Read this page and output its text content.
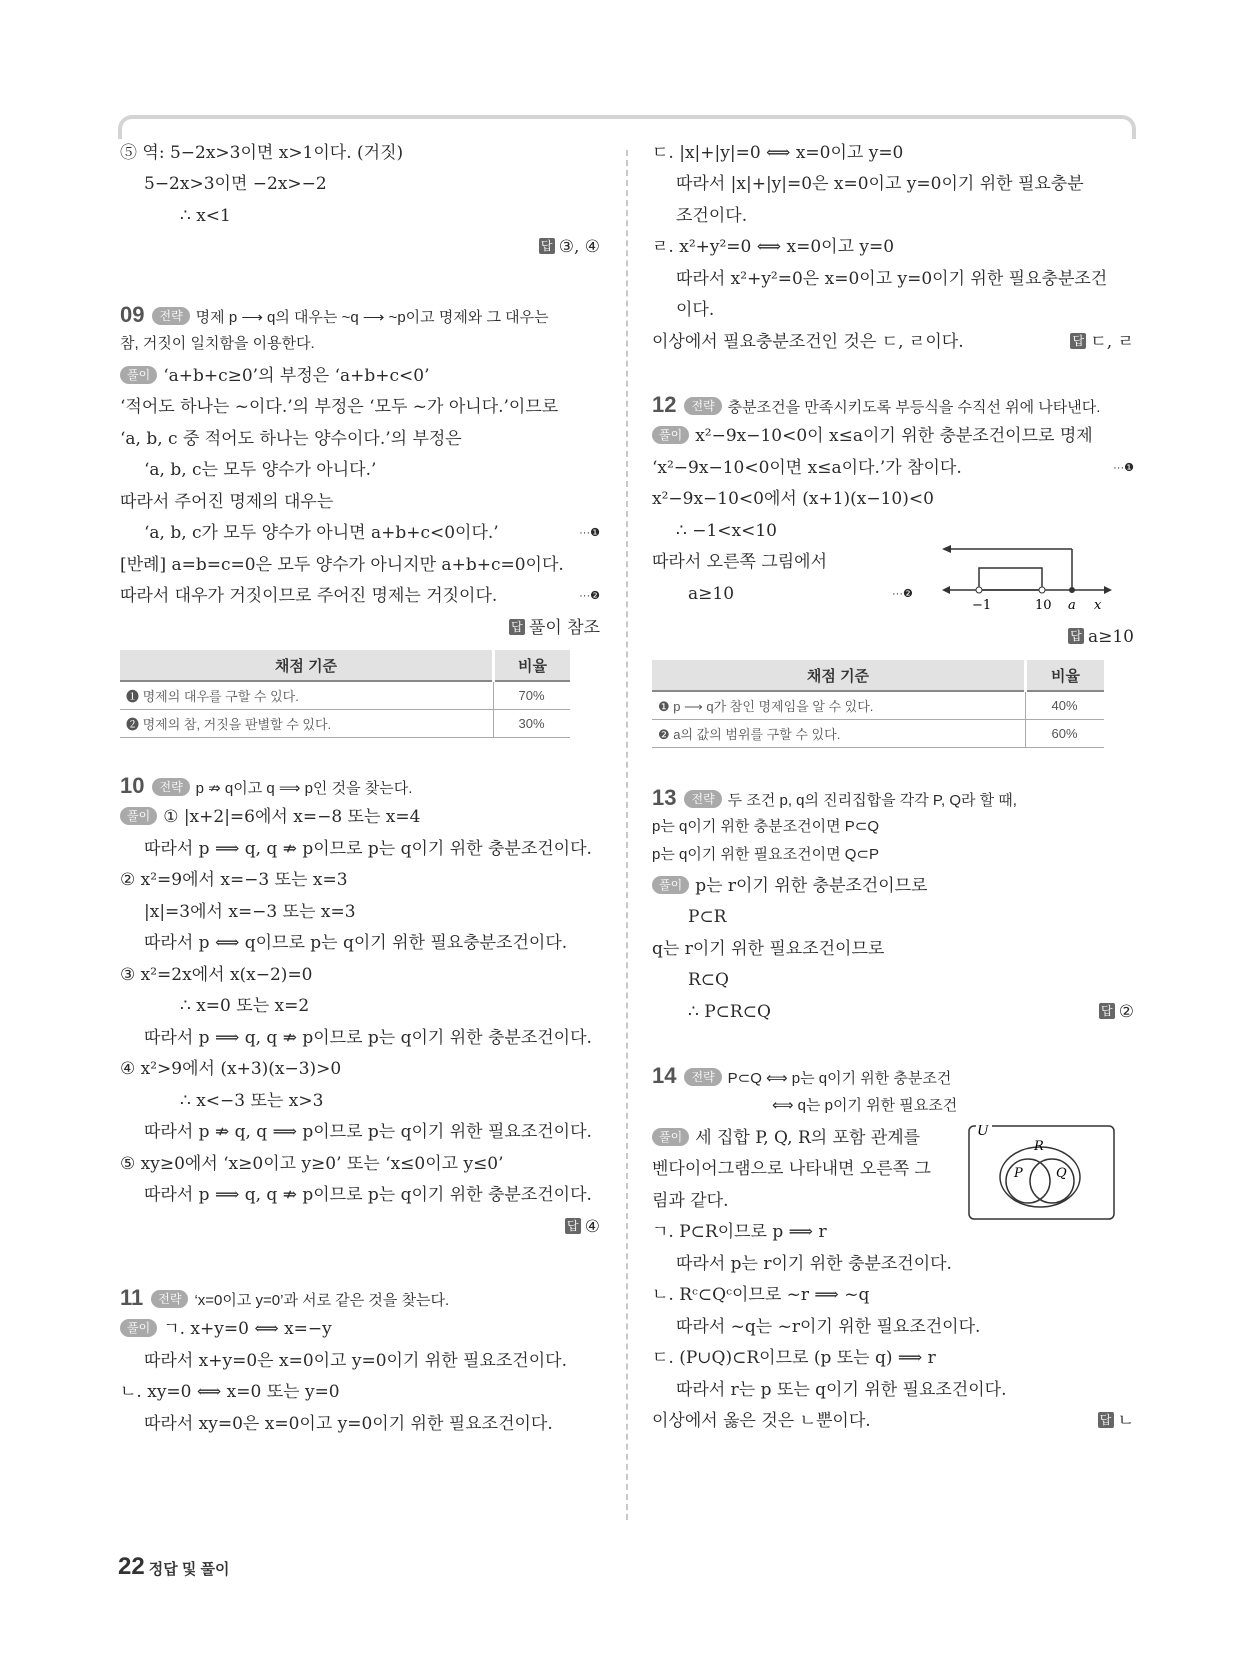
⑤ 역: 5−2x>3이면 x>1이다. (거짓)
5−2x>3이면 −2x>−2
∴ x<1
답 ③, ④
09 전략 명제 p ⟶ q의 대우는 ~q ⟶ ~p이고 명제와 그 대우는
참, 거짓이 일치함을 이용한다.
풀이 ‘a+b+c≥0’의 부정은 ‘a+b+c<0’
‘적어도 하나는 ~이다.’의 부정은 ‘모두 ~가 아니다.’이므로
‘a, b, c 중 적어도 하나는 양수이다.’의 부정은
‘a, b, c는 모두 양수가 아니다.’
따라서 주어진 명제의 대우는
‘a, b, c가 모두 양수가 아니면 a+b+c<0이다.’	···❶
[반례] a=b=c=0은 모두 양수가 아니지만 a+b+c=0이다.
따라서 대우가 거짓이므로 주어진 명제는 거짓이다.	···❷
답 풀이 참조
채점 기준	비율
❶ 명제의 대우를 구할 수 있다.	70%
❷ 명제의 참, 거짓을 판별할 수 있다.	30%
10 전략 p ⇏ q이고 q ⟹ p인 것을 찾는다.
풀이 ① |x+2|=6에서 x=−8 또는 x=4
따라서 p ⟹ q, q ⇏ p이므로 p는 q이기 위한 충분조건이다.
② x²=9에서 x=−3 또는 x=3
|x|=3에서 x=−3 또는 x=3
따라서 p ⟺ q이므로 p는 q이기 위한 필요충분조건이다.
③ x²=2x에서 x(x−2)=0
∴ x=0 또는 x=2
따라서 p ⟹ q, q ⇏ p이므로 p는 q이기 위한 충분조건이다.
④ x²>9에서 (x+3)(x−3)>0
∴ x<−3 또는 x>3
따라서 p ⇏ q, q ⟹ p이므로 p는 q이기 위한 필요조건이다.
⑤ xy≥0에서 ‘x≥0이고 y≥0’ 또는 ‘x≤0이고 y≤0’
따라서 p ⟹ q, q ⇏ p이므로 p는 q이기 위한 충분조건이다.
답 ④
11 전략 ‘x=0이고 y=0’과 서로 같은 것을 찾는다.
풀이 ㄱ. x+y=0 ⟺ x=−y
따라서 x+y=0은 x=0이고 y=0이기 위한 필요조건이다.
ㄴ. xy=0 ⟺ x=0 또는 y=0
따라서 xy=0은 x=0이고 y=0이기 위한 필요조건이다.
ㄷ. |x|+|y|=0 ⟺ x=0이고 y=0
따라서 |x|+|y|=0은 x=0이고 y=0이기 위한 필요충분
조건이다.
ㄹ. x²+y²=0 ⟺ x=0이고 y=0
따라서 x²+y²=0은 x=0이고 y=0이기 위한 필요충분조건
이다.
이상에서 필요충분조건인 것은 ㄷ, ㄹ이다.	답 ㄷ, ㄹ
12 전략 충분조건을 만족시키도록 부등식을 수직선 위에 나타낸다.
풀이 x²−9x−10<0이 x≤a이기 위한 충분조건이므로 명제
‘x²−9x−10<0이면 x≤a이다.’가 참이다.	···❶
x²−9x−10<0에서 (x+1)(x−10)<0
∴ −1<x<10
따라서 오른쪽 그림에서
a≥10	···❷
−1	10 a x
답 a≥10
채점 기준	비율
❶ p ⟶ q가 참인 명제임을 알 수 있다.	40%
❷ a의 값의 범위를 구할 수 있다.	60%
13 전략 두 조건 p, q의 진리집합을 각각 P, Q라 할 때,
p는 q이기 위한 충분조건이면 P⊂Q
p는 q이기 위한 필요조건이면 Q⊂P
풀이 p는 r이기 위한 충분조건이므로
P⊂R
q는 r이기 위한 필요조건이므로
R⊂Q
∴ P⊂R⊂Q	답 ②
14 전략 P⊂Q ⟺ p는 q이기 위한 충분조건
⟺ q는 p이기 위한 필요조건
풀이 세 집합 P, Q, R의 포함 관계를
벤다이어그램으로 나타내면 오른쪽 그
림과 같다.
U
R
P	Q
ㄱ. P⊂R이므로 p ⟹ r
따라서 p는 r이기 위한 충분조건이다.
ㄴ. Rᶜ⊂Qᶜ이므로 ~r ⟹ ~q
따라서 ~q는 ~r이기 위한 필요조건이다.
ㄷ. (P∪Q)⊂R이므로 (p 또는 q) ⟹ r
따라서 r는 p 또는 q이기 위한 필요조건이다.
이상에서 옳은 것은 ㄴ뿐이다.	답 ㄴ
22 정답 및 풀이
